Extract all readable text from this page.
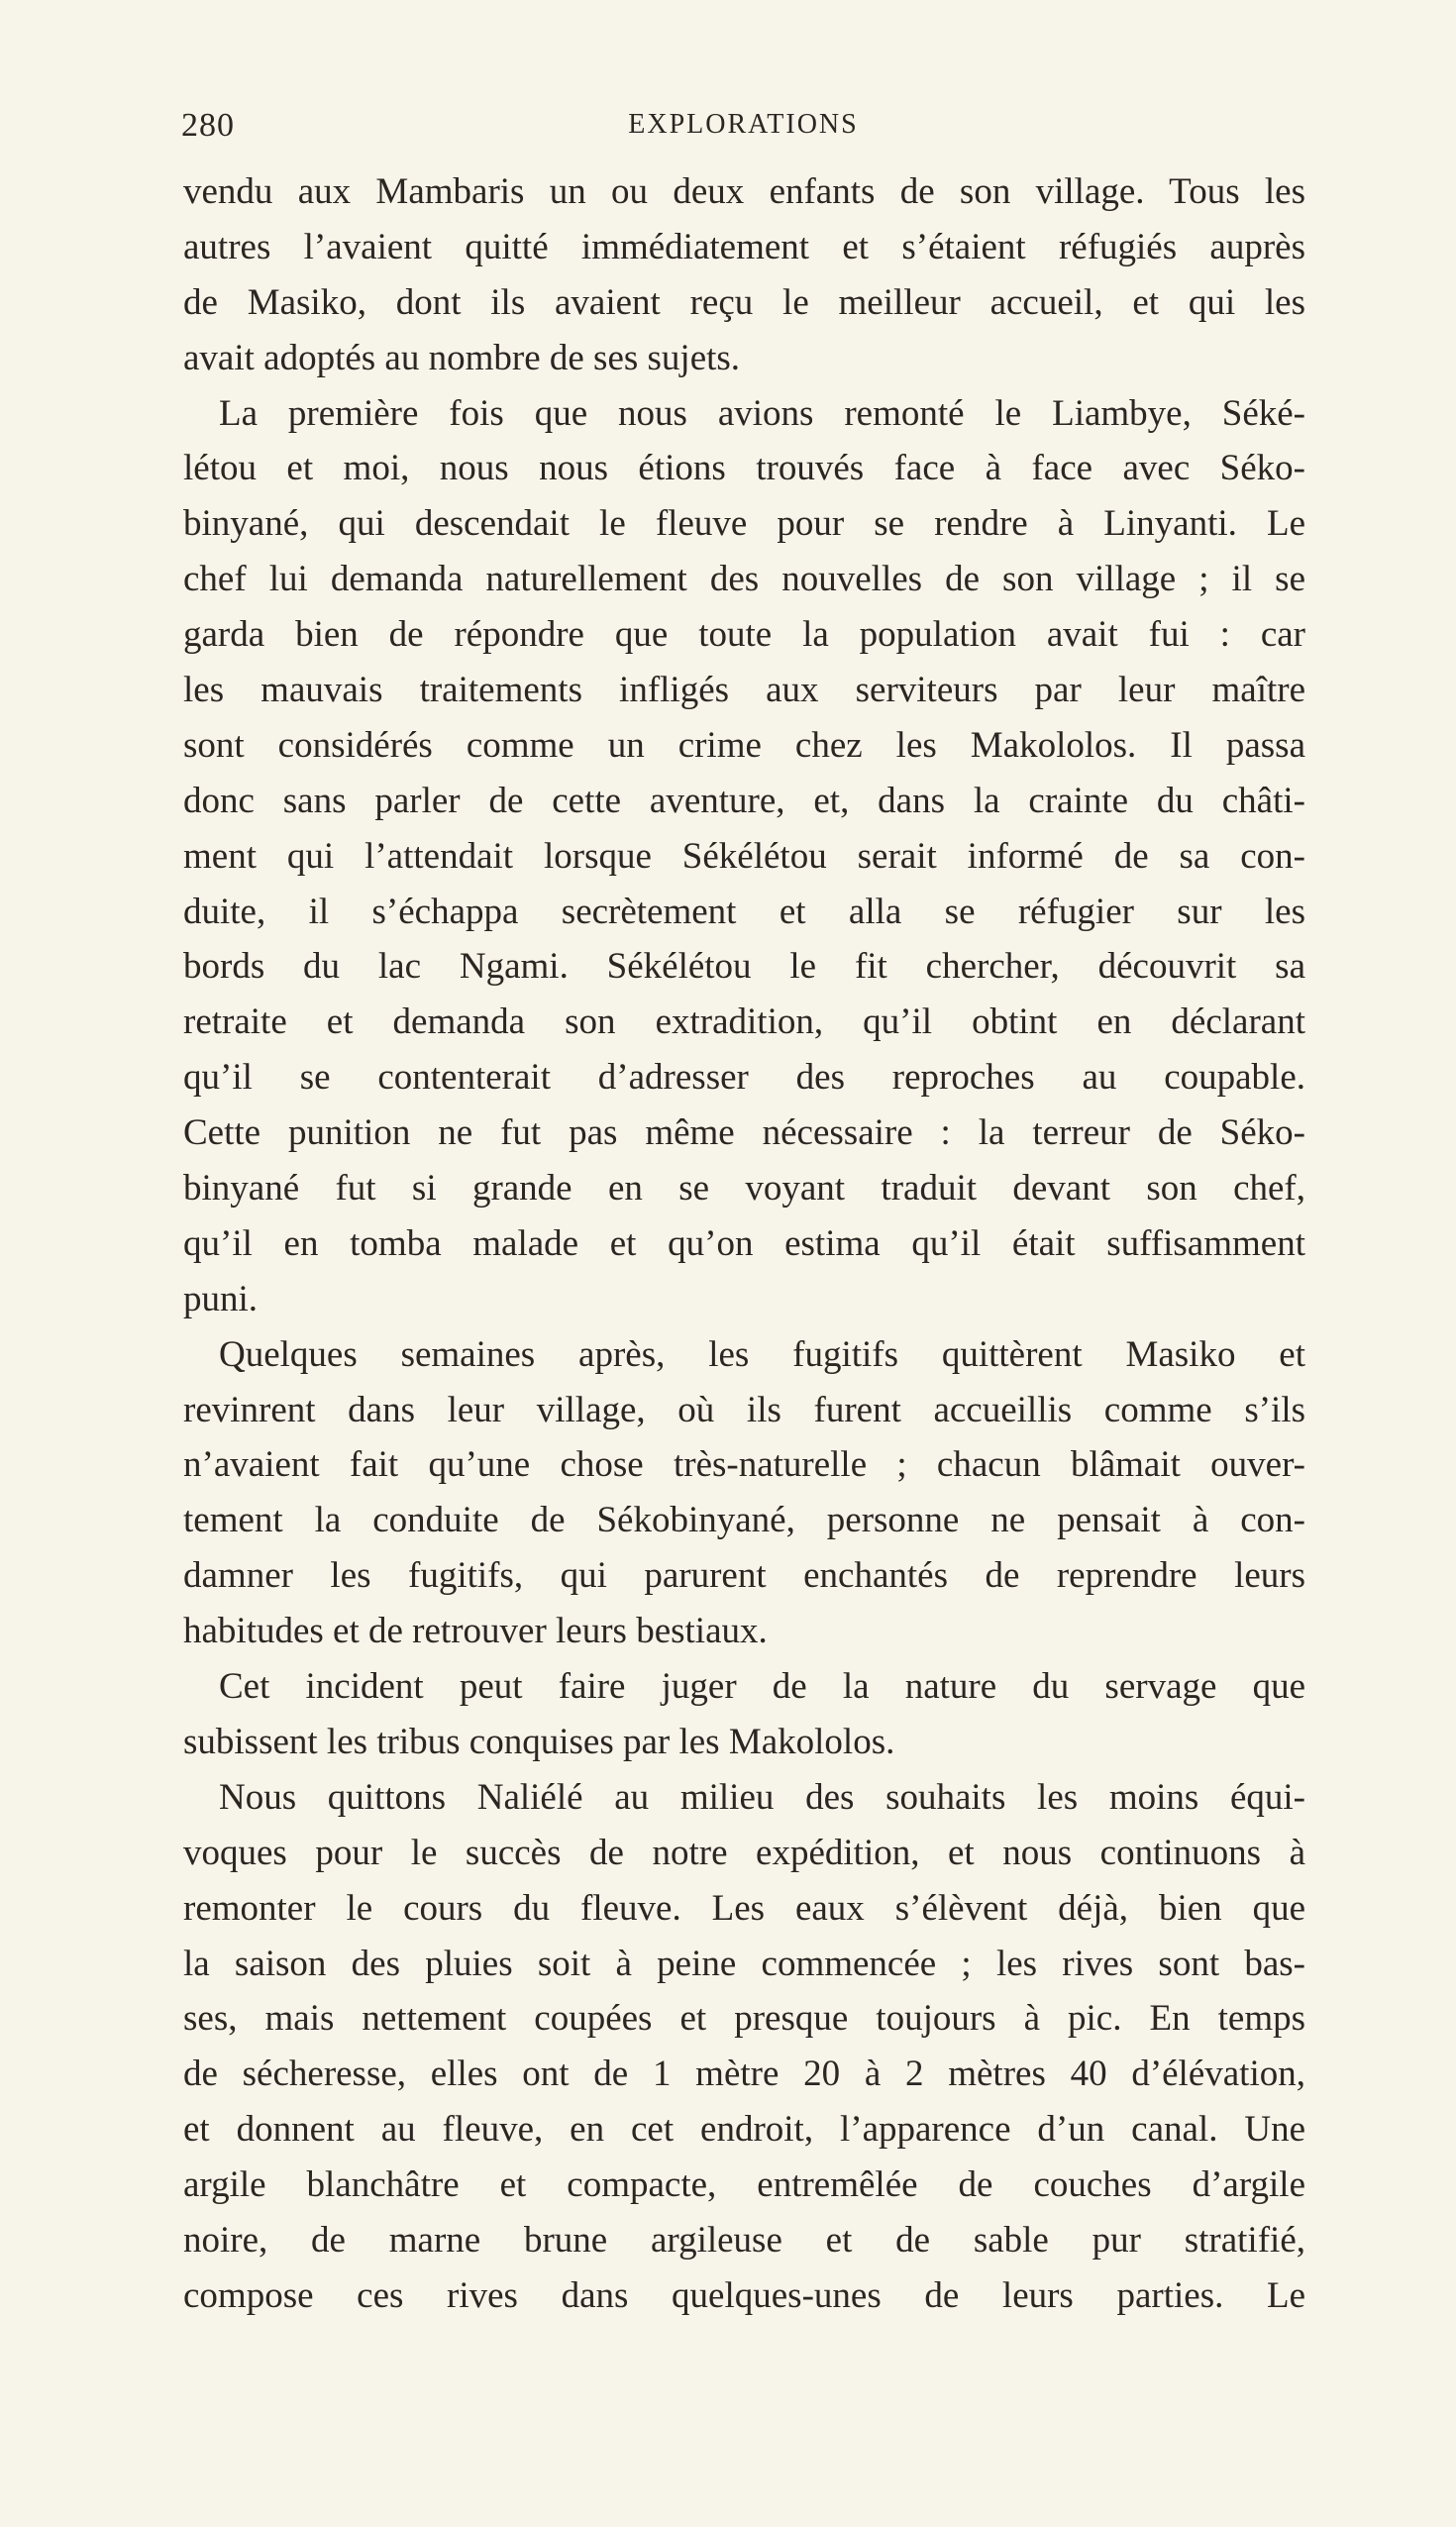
280	EXPLORATIONS
vendu aux Mambaris un ou deux enfants de son village. Tous les
autres l’avaient quitté immédiatement et s’étaient réfugiés auprès
de Masiko, dont ils avaient reçu le meilleur accueil, et qui les
avait adoptés au nombre de ses sujets.
La première fois que nous avions remonté le Liambye, Séké-
létou et moi, nous nous étions trouvés face à face avec Séko-
binyané, qui descendait le fleuve pour se rendre à Linyanti. Le
chef lui demanda naturellement des nouvelles de son village ; il se
garda bien de répondre que toute la population avait fui : car
les mauvais traitements infligés aux serviteurs par leur maître
sont considérés comme un crime chez les Makololos. Il passa
donc sans parler de cette aventure, et, dans la crainte du châti-
ment qui l’attendait lorsque Sékélétou serait informé de sa con-
duite, il s’échappa secrètement et alla se réfugier sur les
bords du lac Ngami. Sékélétou le fit chercher, découvrit sa
retraite et demanda son extradition, qu’il obtint en déclarant
qu’il se contenterait d’adresser des reproches au coupable.
Cette punition ne fut pas même nécessaire : la terreur de Séko-
binyané fut si grande en se voyant traduit devant son chef,
qu’il en tomba malade et qu’on estima qu’il était suffisamment
puni.
Quelques semaines après, les fugitifs quittèrent Masiko et
revinrent dans leur village, où ils furent accueillis comme s’ils
n’avaient fait qu’une chose très-naturelle ; chacun blâmait ouver-
tement la conduite de Sékobinyané, personne ne pensait à con-
damner les fugitifs, qui parurent enchantés de reprendre leurs
habitudes et de retrouver leurs bestiaux.
Cet incident peut faire juger de la nature du servage que
subissent les tribus conquises par les Makololos.
Nous quittons Naliélé au milieu des souhaits les moins équi-
voques pour le succès de notre expédition, et nous continuons à
remonter le cours du fleuve. Les eaux s’élèvent déjà, bien que
la saison des pluies soit à peine commencée ; les rives sont bas-
ses, mais nettement coupées et presque toujours à pic. En temps
de sécheresse, elles ont de 1 mètre 20 à 2 mètres 40 d’élévation,
et donnent au fleuve, en cet endroit, l’apparence d’un canal. Une
argile blanchâtre et compacte, entremêlée de couches d’argile
noire, de marne brune argileuse et de sable pur stratifié,
compose ces rives dans quelques-unes de leurs parties. Le
